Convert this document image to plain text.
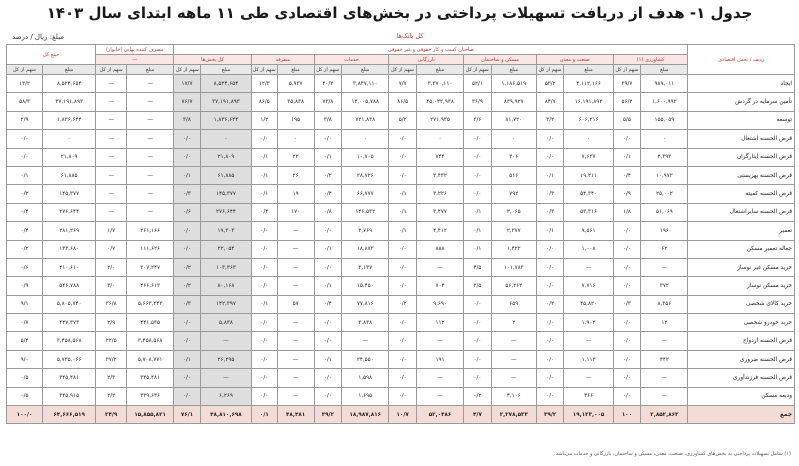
جدول ۱- هدف از دریافت تسهیلات پرداختی در بخش‌های اقتصادی طی ۱۱ ماهه ابتدای سال ۱۴۰۳
مبلغ: ریال / درصد	کل بانک‌ها
ردیف / بخش اقتصادی	صاحبان کسب و کار حقوقی و غیر حقوقی														مصرف کننده نهایی (خانوار)		جمع کل	
	کشاورزی (۱)		صنعت و معدن		مسکن و ساختمان		بازرگانی		خدمات		متفرقه		کل بخش‌ها		—			
	مبلغ	سهم از کل	مبلغ	سهم از کل	مبلغ	سهم از کل	مبلغ	سهم از کل	مبلغ	سهم از کل	مبلغ	سهم از کل	مبلغ	سهم از کل	مبلغ	سهم از کل	مبلغ	سهم از کل
ایجاد	۹۸۹,۰۱۱	۳۹/۷	۴,۱۱۲,۱۶۶	۵۳/۲	۱,۱۸۶,۵۱۹	۵۲/۱	۳,۳۷۰,۱۱۰	۷/۷	۳,۸۴۷,۱۱۰	۴۰/۳	۵,۹۳۷	۱۲/۳	۸,۵۲۴,۶۵۴	۱۷/۷	—	—	۸,۵۲۴,۶۵۴	۱۳/۲
تأمین سرمایه در گردش	۱,۶۰۰,۹۹۳	۵۶/۲	۱۶,۱۹۱,۸۹۳	۸۴/۷	۸۳۹,۹۲۷	۳۶/۹	۴۵,۰۲۲,۹۳۸	۸۶/۵	۱۴,۰۰۵,۷۸۸	۷۳/۸	۳۵,۸۳۸	۸۶/۵	۳۷,۱۹۱,۸۹۳	۷۶/۷	—	—	۳۷,۱۹۱,۸۹۳	۵۸/۳
توسعه	۱۵۵,۰۵۹	۵/۵	۶۰۶,۲۱۶	۳/۲	۸۱,۷۲۰	۳/۶	۲۷۱,۹۳۵	۵/۲	۷۲۱,۸۳۸	۳/۸	۱۹۵	۱/۲	۱,۸۳۶,۶۴۴	۳/۸	—	—	۱,۸۳۶,۶۴۴	۲/۹
قرض الحسنه اشتغال	۰	۰/۰	۰	۰/۰	۰	۰/۰	۰	۰/۰	۰	۰/۰	۰	۰/۰	۰	۰/۰	—	—	۰	۰/۰
قرض الحسنه ایثارگران	۲,۳۹۳	۰/۱	۷,۶۳۷	۰/۰	۳۰۶	۰/۰	۷۴۴	۰/۰	۱۰,۷۰۵	۰/۱	۲۲	۰/۱	۲۱,۸۰۹	۰/۰	—	—	۲۱,۸۰۹	۰/۰
قرض الحسنه بهزیستی	۱۰,۹۷۳	۰/۴	۱۹,۲۱۱	۰/۱	۵۱۶	۰/۰	۲,۴۳۲	۰/۰	۲۸,۷۲۶	۰/۲	۲۶	۰/۱	۶۱,۸۸۵	۰/۱	—	—	۶۱,۸۸۵	۰/۱
قرض الحسنه کمیته	۲۵,۰۰۲	۰/۹	۵۴,۳۴۰	۰/۳	۷۹۲	۰/۰	۳,۲۲۶	۰/۱	۶۶,۷۷۷	۰/۴	۱۹	۰/۱	۱۴۵,۳۷۷	۰/۳	—	—	۱۴۵,۳۷۷	۰/۲
قرض الحسنه سایراشتغال	۵۱,۰۶۹	۱/۸	۵۳,۳۱۶	۰/۳	۲,۰۶۵	۰/۱	۳,۴۷۷	۰/۱	۱۴۶,۵۳۲	۰/۸	۱۷۰	۰/۴	۲۷۶,۶۴۴	۰/۶	—	—	۲۷۶,۶۴۴	۰/۴
تعمیر	۱۹۶	۰/۰	۹,۵۶۱	۰/۱	۲,۳۷۷	۰/۱	۴,۴۱۲	۰/۱	۲,۷۶۹	۰/۰	—	۰/۰	۱۹,۳۰۳	۰/۰	۲۶۱,۱۶۶	۱/۷	۲۸۱,۲۶۹	۰/۴
جعاله تعمیر مسکن	۶۲	۰/۰	۱,۰۰۸	۰/۰	۱,۴۲۲	۰/۱	۸۸۸	۰/۰	۱۸,۸۷۳	۰/۱	—	۰/۰	۲۲,۰۵۴	۰/۰	۱۱۱,۶۲۶	۰/۷	۱۳۳,۶۸۰	۰/۲
خرید مسکن غیر نوساز	—	۰/۰	—	۰/۰	۱۰۱,۷۸۳	۴/۵	—	۰/۰	۳,۱۳۷	۰/۰	—	۰/۰	۱۰۳,۳۶۳	۰/۲	۳۰۷,۲۴۷	۲/۰	۴۱۰,۶۱۰	۰/۶
خرید مسکن نوساز	۳۷۲	۰/۰	۷,۷۱۶	۰/۰	۵۶,۲۶۲	۲/۵	۷۰۴	۰/۰	۱۵,۴۵۰	۰/۱	—	۰/۰	۸۰,۱۶۸	۰/۲	۴۶۶,۶۱۳	۳/۰	۵۴۶,۷۸۸	۰/۹
خرید کالای شخصی	۸,۳۵۶	۰/۳	۴۵,۸۲۰	۰/۲	۶۵۹	۰/۰	۹,۶۹۰	۰/۲	۷۷,۸۱۶	۰/۴	۵۷	۰/۱	۱۴۲,۳۹۷	۰/۳	۵,۶۶۳,۳۴۳	۳۶/۸	۵,۸۰۵,۷۴۰	۹/۱
خرید خودرو شخصی	۱۲	۰/۰	۱,۹۰۳	۰/۰	۲	۰/۰	۱۱۲	۰/۰	۳,۸۳۸	۰/۰	—	۰/۰	۵,۸۳۸	۰/۰	۴۴۱,۵۳۵	۲/۹	۴۴۷,۳۷۳	۰/۷
قرض الحسنه ازدواج	—	۰/۰	—	۰/۰	—	۰/۰	—	۰/۰	—	۰/۰	—	۰/۰	—	۰/۰	۳,۴۵۸,۵۶۸	۲۲/۵	۳,۴۵۸,۵۶۸	۵/۴
قرض الحسنه ضروری	۴۴۲	۰/۰	۱,۱۱۲	۰/۰	—	۰/۰	۱۹۱	۰/۰	۲۴,۵۵۰	۰/۱	—	۰/۰	۲۶,۲۹۵	۰/۱	۵,۷۰۸,۷۷۱	۳۷/۲	۵,۷۳۵,۰۶۶	۹/۰
قرض الحسنه فرزندآوری	—	۰/۰	—	۰/۰	—	۰/۰	—	۰/۰	۱,۵۹۸	۰/۰	—	۰/۰	—	۰/۰	۳۴۵,۴۸۱	۲/۳	۳۴۵,۴۸۱	۰/۵
ودیعه مسکن	—	۰/۰	۴۶۶	۰/۰	۴,۱۰۶	۰/۲	—	۰/۰	۱,۶۹۵	۰/۰	—	۰/۰	۶,۲۶۹	۰/۰	۳۳۹,۶۴۶	۲/۲	۳۴۵,۹۱۵	۰/۵
جمع	۲,۸۵۲,۸۶۳	۱۰۰	۱۹,۱۲۳,۰۰۵	۳۹/۲	۲,۲۷۸,۵۳۳	۴/۷	۵۲,۰۴۸۶	۱۰/۷	۱۸,۹۸۷,۸۱۶	۳۹/۲	۴۸,۴۸۱	۰/۱	۴۸,۸۱۰,۶۹۸	۷۶/۱	۱۵,۸۵۵,۸۲۱	۲۴/۹	۶۴,۶۶۶,۵۱۹	۱۰۰/۰
(۱) شامل تسهیلات پرداختی به بخش‌های کشاورزی، صنعت، معدن، مسکن و ساختمان، بازرگانی و خدمات می‌باشد.
